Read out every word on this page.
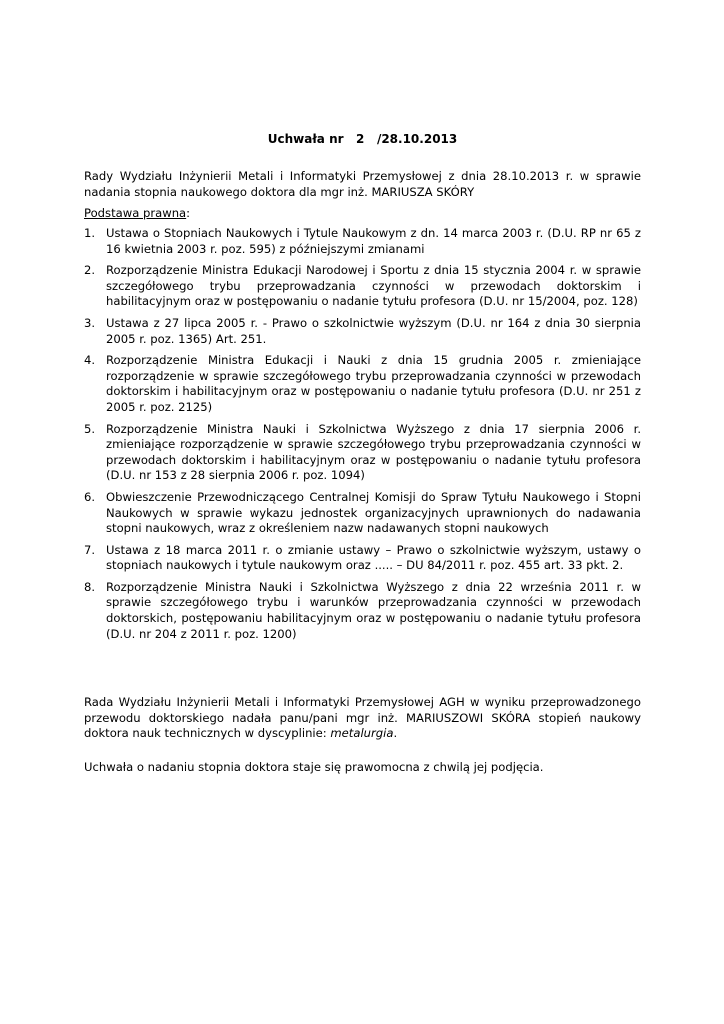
Uchwała nr   2   /28.10.2013
Rady Wydziału Inżynierii Metali i Informatyki Przemysłowej z dnia 28.10.2013 r. w sprawie nadania stopnia naukowego doktora dla mgr inż. MARIUSZA SKÓRY
Podstawa prawna:
1. Ustawa o Stopniach Naukowych i Tytule Naukowym z dn. 14 marca 2003 r. (D.U. RP nr 65 z 16 kwietnia 2003 r. poz. 595) z późniejszymi zmianami
2. Rozporządzenie Ministra Edukacji Narodowej i Sportu z dnia 15 stycznia 2004 r. w sprawie szczegółowego trybu przeprowadzania czynności w przewodach doktorskim i habilitacyjnym oraz w postępowaniu o nadanie tytułu profesora (D.U. nr 15/2004, poz. 128)
3. Ustawa z 27 lipca 2005 r. - Prawo o szkolnictwie wyższym (D.U. nr 164 z dnia 30 sierpnia 2005 r. poz. 1365) Art. 251.
4. Rozporządzenie Ministra Edukacji i Nauki z dnia 15 grudnia 2005 r. zmieniające rozporządzenie w sprawie szczegółowego trybu przeprowadzania czynności w przewodach doktorskim i habilitacyjnym oraz w postępowaniu o nadanie tytułu profesora (D.U. nr 251 z 2005 r. poz. 2125)
5. Rozporządzenie Ministra Nauki i Szkolnictwa Wyższego z dnia 17 sierpnia 2006 r. zmieniające rozporządzenie w sprawie szczegółowego trybu przeprowadzania czynności w przewodach doktorskim i habilitacyjnym oraz w postępowaniu o nadanie tytułu profesora (D.U. nr 153 z 28 sierpnia 2006 r. poz. 1094)
6. Obwieszczenie Przewodniczącego Centralnej Komisji do Spraw Tytułu Naukowego i Stopni Naukowych w sprawie wykazu jednostek organizacyjnych uprawnionych do nadawania stopni naukowych, wraz z określeniem nazw nadawanych stopni naukowych
7. Ustawa z 18 marca 2011 r. o zmianie ustawy – Prawo o szkolnictwie wyższym, ustawy o stopniach naukowych i tytule naukowym oraz ..... – DU 84/2011 r. poz. 455 art. 33 pkt. 2.
8. Rozporządzenie Ministra Nauki i Szkolnictwa Wyższego z dnia 22 września 2011 r. w sprawie szczegółowego trybu i warunków przeprowadzania czynności w przewodach doktorskich, postępowaniu habilitacyjnym oraz w postępowaniu o nadanie tytułu profesora (D.U. nr 204 z 2011 r. poz. 1200)
Rada Wydziału Inżynierii Metali i Informatyki Przemysłowej AGH w wyniku przeprowadzonego przewodu doktorskiego nadała panu/pani mgr inż. MARIUSZOWI SKÓRA stopień naukowy doktora nauk technicznych w dyscyplinie: metalurgia.
Uchwała o nadaniu stopnia doktora staje się prawomocna z chwilą jej podjęcia.
